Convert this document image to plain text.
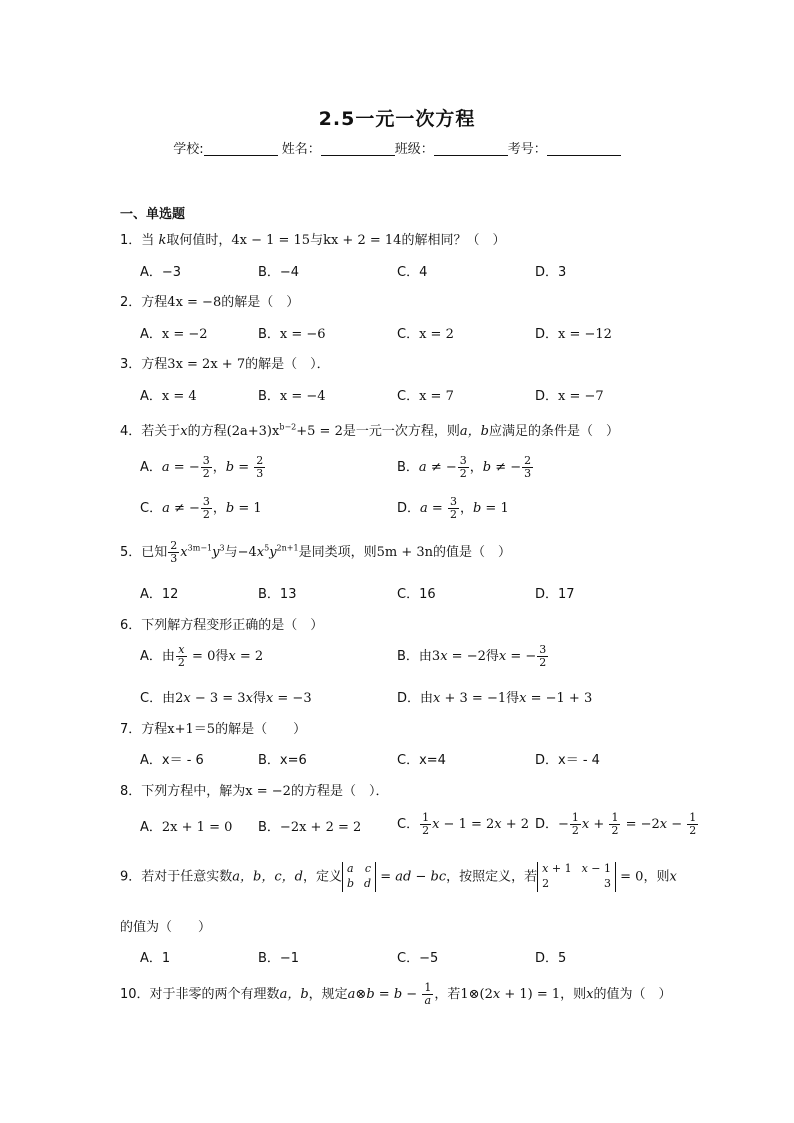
2.5一元一次方程
学校:	姓名：	班级：	考号：
一、单选题
1．当 k取何值时，4x − 1 = 15与kx + 2 = 14的解相同？（　）
A．−3	B．−4	C．4	D．3
2．方程4x = −8的解是（　）
A．x = −2	B．x = −6	C．x = 2	D．x = −12
3．方程3x = 2x + 7的解是（　）．
A．x = 4	B．x = −4	C．x = 7	D．x = −7
4．若关于x的方程$(2a+3)x^{b-2}+5 = 2$是一元一次方程，则a，b应满足的条件是（　）
A．a = − $\frac{3}{2}$ ，$b = \frac{2}{3}$	B．a ≠ − $\frac{3}{2}$ ，b ≠ − $\frac{2}{3}$
C．a ≠ − $\frac{3}{2}$ ，b = 1	D．$a = \frac{3}{2}$ ，b = 1
5．已知 $\frac{2}{3} x^{3m-1}y^3$与$-4x^5y^{2n+1}$是同类项，则5m + 3n的值是（　）
A．12	B．13	C．16	D．17
6．下列解方程变形正确的是（　）
A．由 $\frac{x}{2} = 0$得x = 2	B．由3x = −2得x = − $\frac{3}{2}$
C．由2x − 3 = 3x得x = −3	D．由x + 3 = −1得x = −1 + 3
7．方程x+1＝5的解是（　　）
A．x＝ - 6	B．x=6	C．x=4	D．x＝ - 4
8．下列方程中，解为x = −2的方程是（　）．
A．2x + 1 = 0 B．−2x + 2 = 2	C． $\frac{1}{2}$ x − 1 = 2x + 2 D．− $\frac{1}{2}$ $x + \frac{1}{2} = -2x - \frac{1}{2}$
9．若对于任意实数a，b，c，d，定义
a c
b d = ad − bc，按照定义，若
x + 1 x − 1
2	3 = 0，则x
的值为（　　）
A．1	B．−1	C．−5	D．5
10．对于非零的两个有理数a，b，规定a⊗b = $b - \frac{1}{a}$ ，若1⊗(2x + 1) = 1，则x的值为（　）
